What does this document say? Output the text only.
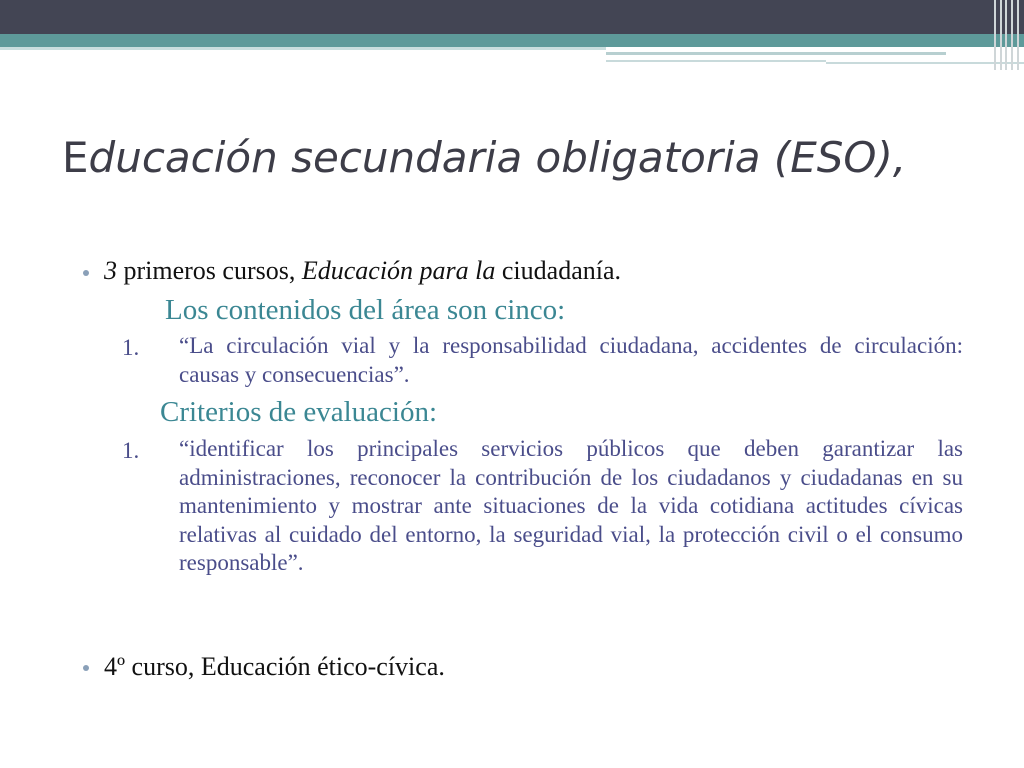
Educación secundaria obligatoria (ESO),
3 primeros cursos, Educación para la ciudadanía.
Los contenidos del área son cinco:
1. “La circulación vial y la responsabilidad ciudadana, accidentes de circulación: causas y consecuencias”.
Criterios de evaluación:
1. “identificar los principales servicios públicos que deben garantizar las administraciones, reconocer la contribución de los ciudadanos y ciudadanas en su mantenimiento y mostrar ante situaciones de la vida cotidiana actitudes cívicas relativas al cuidado del entorno, la seguridad vial, la protección civil o el consumo responsable”.
4º curso, Educación ético-cívica.
